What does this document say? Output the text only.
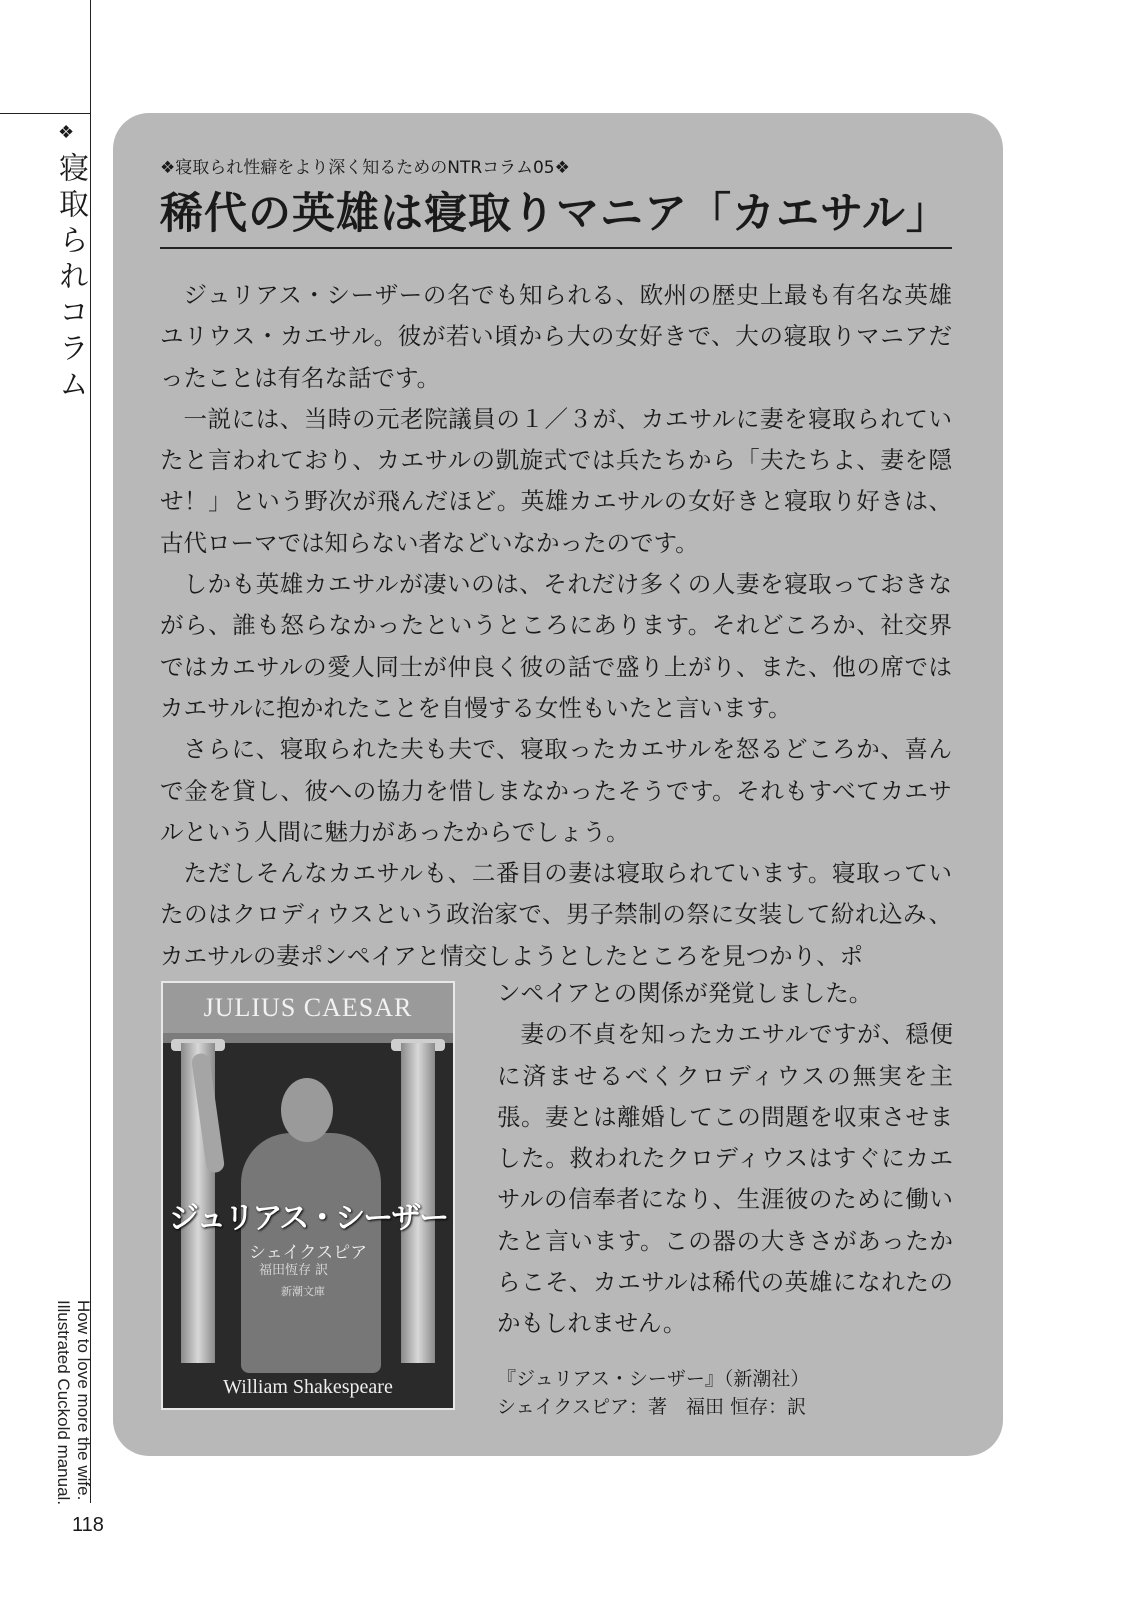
❖
寝取られコラム
How to love more the wife.
Illustrated Cuckold manual.
118
❖寝取られ性癖をより深く知るためのNTRコラム05❖
稀代の英雄は寝取りマニア「カエサル」

ジュリアス・シーザーの名でも知られる、欧州の歴史上最も有名な英雄ユリウス・カエサル。彼が若い頃から大の女好きで、大の寝取りマニアだったことは有名な話です。

一説には、当時の元老院議員の１／３が、カエサルに妻を寝取られていたと言われており、カエサルの凱旋式では兵たちから「夫たちよ、妻を隠せ！」という野次が飛んだほど。英雄カエサルの女好きと寝取り好きは、古代ローマでは知らない者などいなかったのです。

しかも英雄カエサルが凄いのは、それだけ多くの人妻を寝取っておきながら、誰も怒らなかったというところにあります。それどころか、社交界ではカエサルの愛人同士が仲良く彼の話で盛り上がり、また、他の席ではカエサルに抱かれたことを自慢する女性もいたと言います。

さらに、寝取られた夫も夫で、寝取ったカエサルを怒るどころか、喜んで金を貸し、彼への協力を惜しまなかったそうです。それもすべてカエサルという人間に魅力があったからでしょう。

ただしそんなカエサルも、二番目の妻は寝取られています。寝取っていたのはクロディウスという政治家で、男子禁制の祭に女装して紛れ込み、カエサルの妻ポンペイアと情交しようとしたところを見つかり、ポ

JULIUS CAESAR
ジュリアス・シーザー
シェイクスピア
福田恆存 訳
新潮文庫
William Shakespeare

ンペイアとの関係が発覚しました。

妻の不貞を知ったカエサルですが、穏便に済ませるべくクロディウスの無実を主張。妻とは離婚してこの問題を収束させました。救われたクロディウスはすぐにカエサルの信奉者になり、生涯彼のために働いたと言います。この器の大きさがあったからこそ、カエサルは稀代の英雄になれたのかもしれません。

『ジュリアス・シーザー』（新潮社）
シェイクスピア：著　福田 恒存：訳
